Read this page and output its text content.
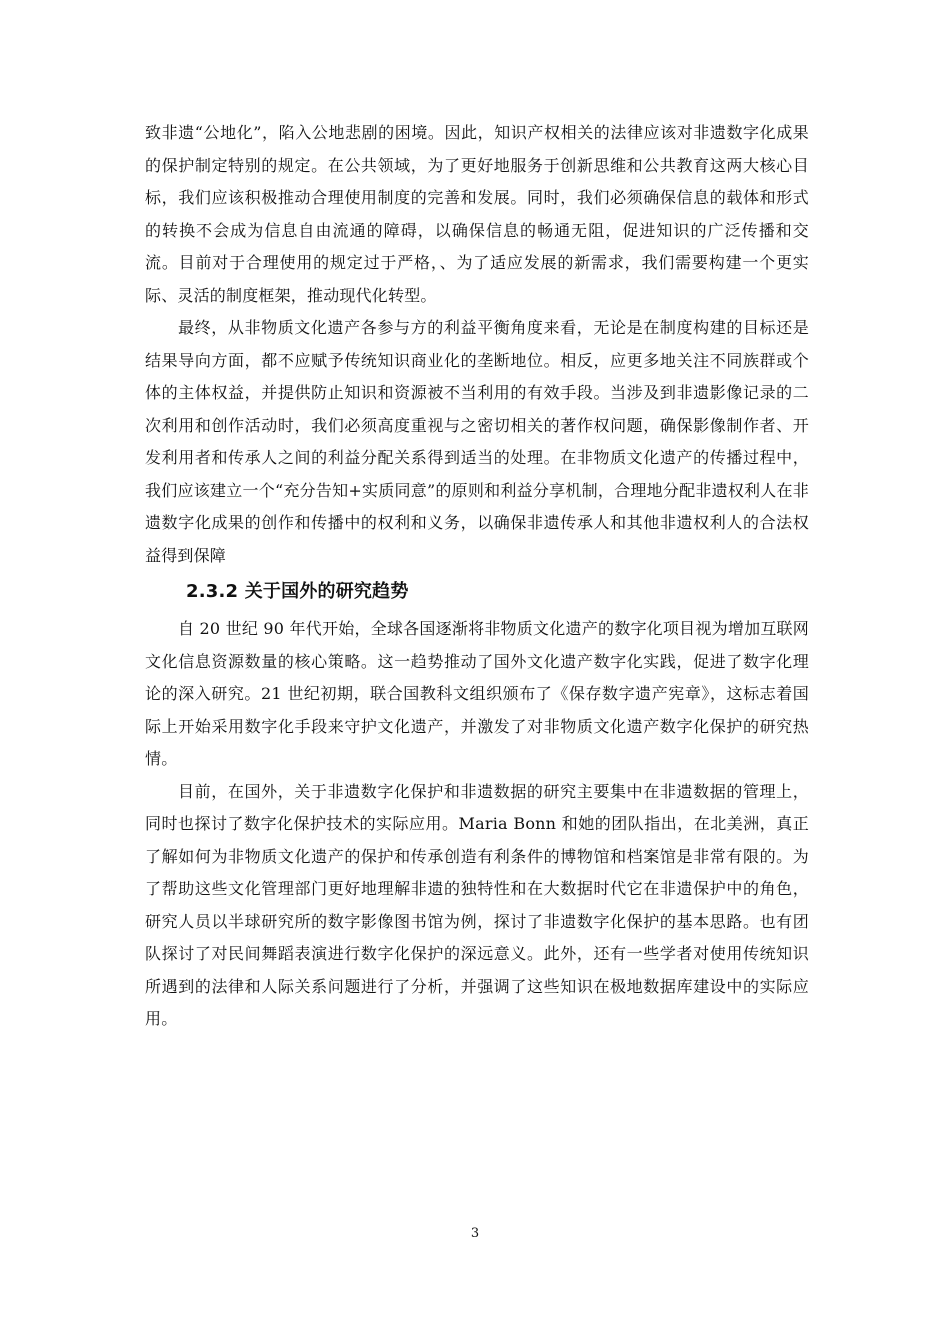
致非遗“公地化”，陷入公地悲剧的困境。因此，知识产权相关的法律应该对非遗数字化成果的保护制定特别的规定。在公共领域，为了更好地服务于创新思维和公共教育这两大核心目标，我们应该积极推动合理使用制度的完善和发展。同时，我们必须确保信息的载体和形式的转换不会成为信息自由流通的障碍，以确保信息的畅通无阻，促进知识的广泛传播和交流。目前对于合理使用的规定过于严格，、为了适应发展的新需求，我们需要构建一个更实际、灵活的制度框架，推动现代化转型。

最终，从非物质文化遗产各参与方的利益平衡角度来看，无论是在制度构建的目标还是结果导向方面，都不应赋予传统知识商业化的垄断地位。相反，应更多地关注不同族群或个体的主体权益，并提供防止知识和资源被不当利用的有效手段。当涉及到非遗影像记录的二次利用和创作活动时，我们必须高度重视与之密切相关的著作权问题，确保影像制作者、开发利用者和传承人之间的利益分配关系得到适当的处理。在非物质文化遗产的传播过程中，我们应该建立一个“充分告知+实质同意”的原则和利益分享机制，合理地分配非遗权利人在非遗数字化成果的创作和传播中的权利和义务，以确保非遗传承人和其他非遗权利人的合法权益得到保障

2.3.2 关于国外的研究趋势

自 20 世纪 90 年代开始，全球各国逐渐将非物质文化遗产的数字化项目视为增加互联网文化信息资源数量的核心策略。这一趋势推动了国外文化遗产数字化实践，促进了数字化理论的深入研究。21 世纪初期，联合国教科文组织颁布了《保存数字遗产宪章》，这标志着国际上开始采用数字化手段来守护文化遗产，并激发了对非物质文化遗产数字化保护的研究热情。

目前，在国外，关于非遗数字化保护和非遗数据的研究主要集中在非遗数据的管理上，同时也探讨了数字化保护技术的实际应用。Maria Bonn 和她的团队指出，在北美洲，真正了解如何为非物质文化遗产的保护和传承创造有利条件的博物馆和档案馆是非常有限的。为了帮助这些文化管理部门更好地理解非遗的独特性和在大数据时代它在非遗保护中的角色，研究人员以半球研究所的数字影像图书馆为例，探讨了非遗数字化保护的基本思路。也有团队探讨了对民间舞蹈表演进行数字化保护的深远意义。此外，还有一些学者对使用传统知识所遇到的法律和人际关系问题进行了分析，并强调了这些知识在极地数据库建设中的实际应用。

3
